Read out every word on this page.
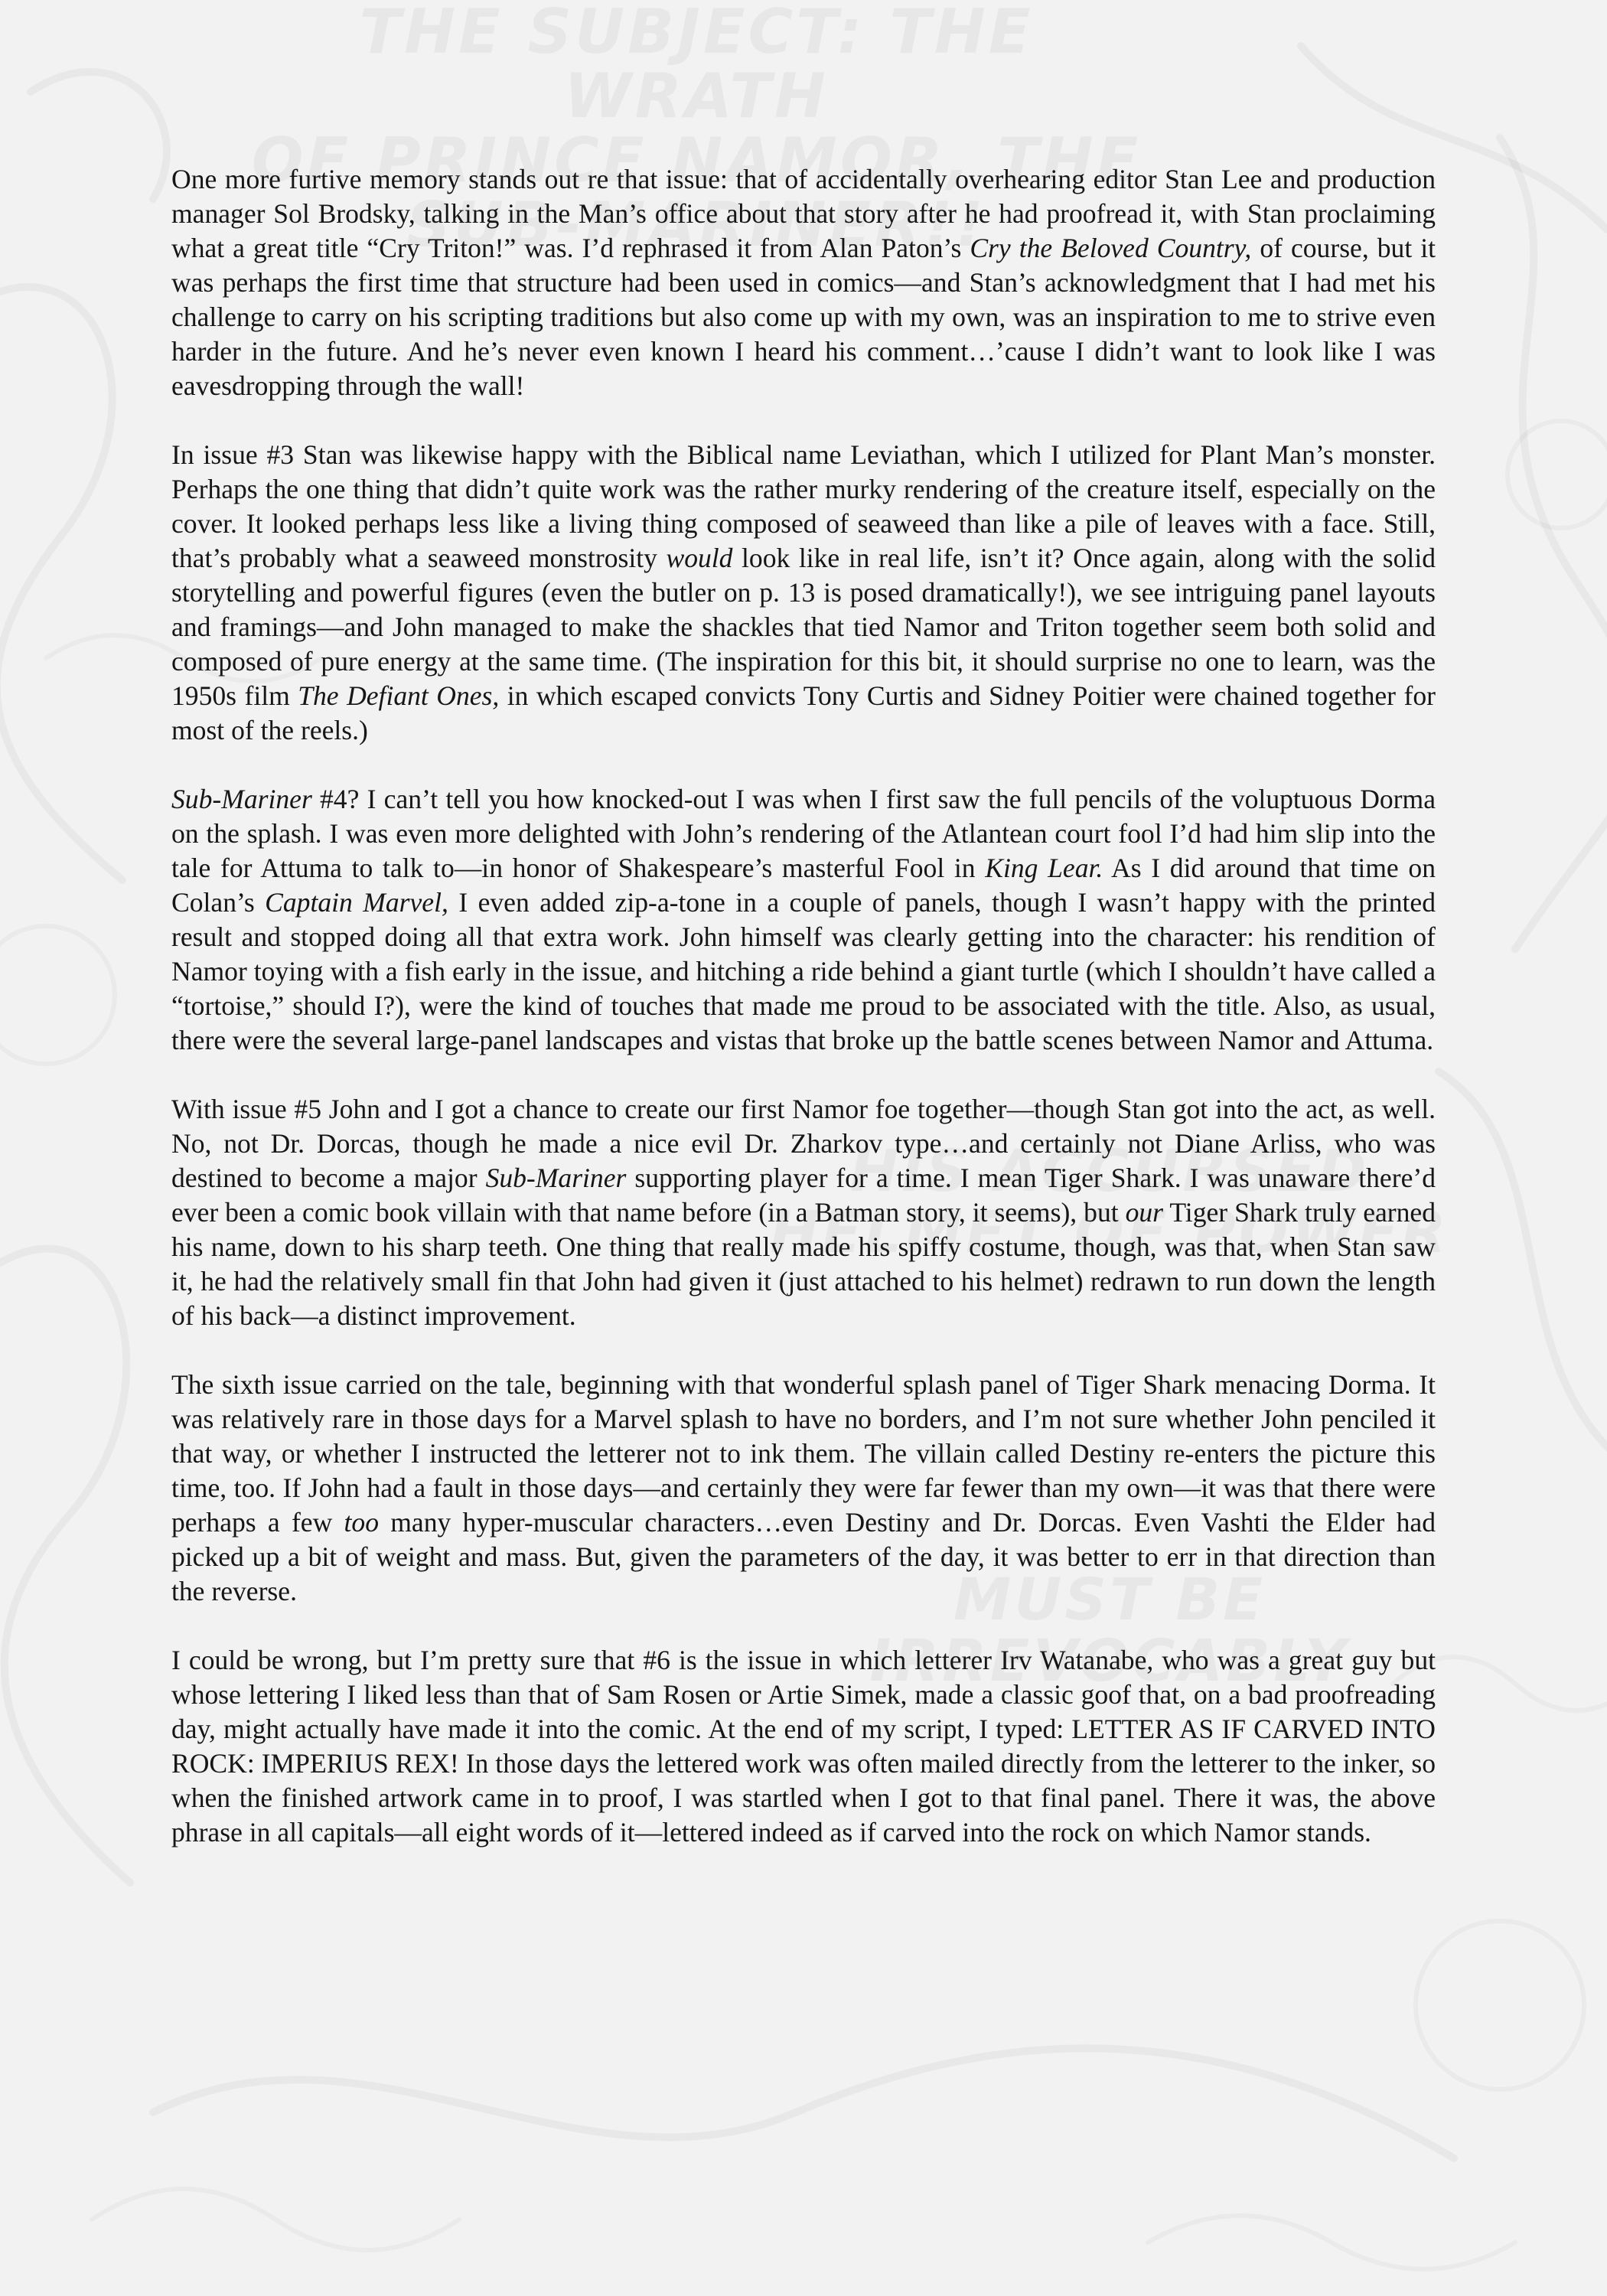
One more furtive memory stands out re that issue: that of accidentally overhearing editor Stan Lee and production manager Sol Brodsky, talking in the Man’s office about that story after he had proofread it, with Stan proclaiming what a great title “Cry Triton!” was. I’d rephrased it from Alan Paton’s Cry the Beloved Country, of course, but it was perhaps the first time that structure had been used in comics—and Stan’s acknowledgment that I had met his challenge to carry on his scripting traditions but also come up with my own, was an inspiration to me to strive even harder in the future. And he’s never even known I heard his comment…’cause I didn’t want to look like I was eavesdropping through the wall!

In issue #3 Stan was likewise happy with the Biblical name Leviathan, which I utilized for Plant Man’s monster. Perhaps the one thing that didn’t quite work was the rather murky rendering of the creature itself, especially on the cover. It looked perhaps less like a living thing composed of seaweed than like a pile of leaves with a face. Still, that’s probably what a seaweed monstrosity would look like in real life, isn’t it? Once again, along with the solid storytelling and powerful figures (even the butler on p. 13 is posed dramatically!), we see intriguing panel layouts and framings—and John managed to make the shackles that tied Namor and Triton together seem both solid and composed of pure energy at the same time. (The inspiration for this bit, it should surprise no one to learn, was the 1950s film The Defiant Ones, in which escaped convicts Tony Curtis and Sidney Poitier were chained together for most of the reels.)

Sub-Mariner #4? I can’t tell you how knocked-out I was when I first saw the full pencils of the voluptuous Dorma on the splash. I was even more delighted with John’s rendering of the Atlantean court fool I’d had him slip into the tale for Attuma to talk to—in honor of Shakespeare’s masterful Fool in King Lear. As I did around that time on Colan’s Captain Marvel, I even added zip-a-tone in a couple of panels, though I wasn’t happy with the printed result and stopped doing all that extra work. John himself was clearly getting into the character: his rendition of Namor toying with a fish early in the issue, and hitching a ride behind a giant turtle (which I shouldn’t have called a “tortoise,” should I?), were the kind of touches that made me proud to be associated with the title. Also, as usual, there were the several large-panel landscapes and vistas that broke up the battle scenes between Namor and Attuma.

With issue #5 John and I got a chance to create our first Namor foe together—though Stan got into the act, as well. No, not Dr. Dorcas, though he made a nice evil Dr. Zharkov type…and certainly not Diane Arliss, who was destined to become a major Sub-Mariner supporting player for a time. I mean Tiger Shark. I was unaware there’d ever been a comic book villain with that name before (in a Batman story, it seems), but our Tiger Shark truly earned his name, down to his sharp teeth. One thing that really made his spiffy costume, though, was that, when Stan saw it, he had the relatively small fin that John had given it (just attached to his helmet) redrawn to run down the length of his back—a distinct improvement.

The sixth issue carried on the tale, beginning with that wonderful splash panel of Tiger Shark menacing Dorma. It was relatively rare in those days for a Marvel splash to have no borders, and I’m not sure whether John penciled it that way, or whether I instructed the letterer not to ink them. The villain called Destiny re-enters the picture this time, too. If John had a fault in those days—and certainly they were far fewer than my own—it was that there were perhaps a few too many hyper-muscular characters…even Destiny and Dr. Dorcas. Even Vashti the Elder had picked up a bit of weight and mass. But, given the parameters of the day, it was better to err in that direction than the reverse.

I could be wrong, but I’m pretty sure that #6 is the issue in which letterer Irv Watanabe, who was a great guy but whose lettering I liked less than that of Sam Rosen or Artie Simek, made a classic goof that, on a bad proofreading day, might actually have made it into the comic. At the end of my script, I typed: LETTER AS IF CARVED INTO ROCK: IMPERIUS REX! In those days the lettered work was often mailed directly from the letterer to the inker, so when the finished artwork came in to proof, I was startled when I got to that final panel. There it was, the above phrase in all capitals—all eight words of it—lettered indeed as if carved into the rock on which Namor stands.
